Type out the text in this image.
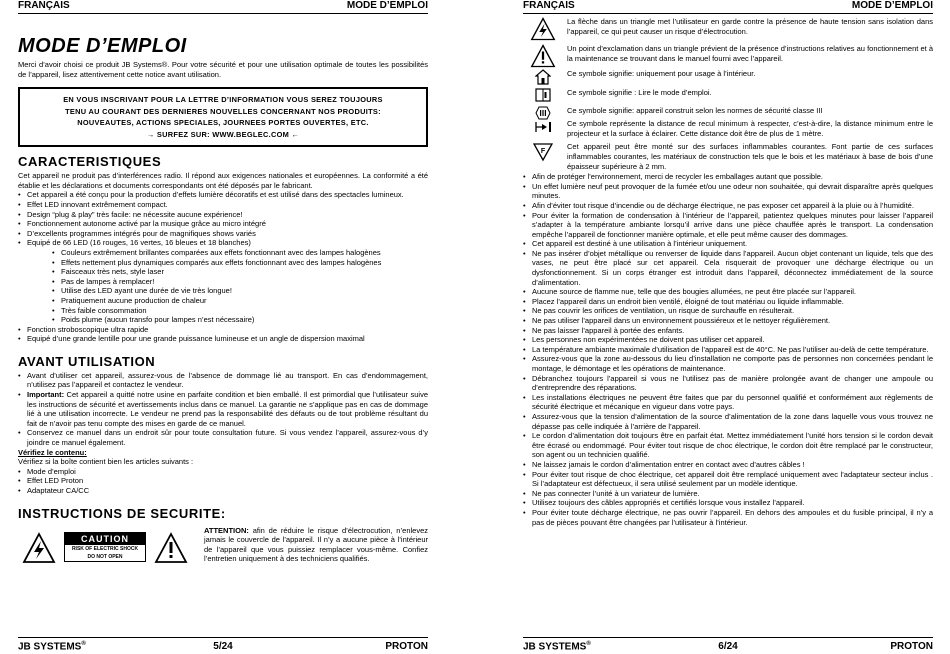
FRANÇAIS	MODE D’EMPLOI
MODE D’EMPLOI

Merci d’avoir choisi ce produit JB Systems®. Pour votre sécurité et pour une utilisation optimale de toutes les possibilités de l’appareil, lisez attentivement cette notice avant utilisation.

EN VOUS INSCRIVANT POUR LA LETTRE D’INFORMATION VOUS SEREZ TOUJOURS
TENU AU COURANT DES DERNIERES NOUVELLES CONCERNANT NOS PRODUITS:
NOUVEAUTES, ACTIONS SPECIALES, JOURNEES PORTES OUVERTES, ETC.
→ SURFEZ SUR: WWW.BEGLEC.COM ←
CARACTERISTIQUES

Cet appareil ne produit pas d’interférences radio. Il répond aux exigences nationales et européennes. La conformité a été établie et les déclarations et documents correspondants ont été déposés par le fabricant.

• Cet appareil a été conçu pour la production d’effets lumière décoratifs et est utilisé dans des spectacles lumineux.
• Effet LED innovant extrêmement compact.
• Design “plug & play” très facile: ne nécessite aucune expérience!
• Fonctionnement autonome activé par la musique grâce au micro intégré
• D’excellents programmes intégrés pour de magnifiques shows variés
• Equipé de 66 LED (16 rouges, 16 vertes, 16 bleues et 18 blanches)
• Couleurs extrêmement brillantes comparées aux effets fonctionnant avec des lampes halogènes
• Effets nettement plus dynamiques comparés aux effets fonctionnant avec des lampes halogènes
• Faisceaux très nets, style laser
• Pas de lampes à remplacer!
• Utilise des LED ayant une durée de vie très longue!
• Pratiquement aucune production de chaleur
• Très faible consommation
• Poids plume (aucun transfo pour lampes n’est nécessaire)
• Fonction stroboscopique ultra rapide
• Equipé d’une grande lentille pour une grande puissance lumineuse et un angle de dispersion maximal
AVANT UTILISATION
• Avant d’utiliser cet appareil, assurez-vous de l’absence de dommage lié au transport. En cas d’endommagement, n’utilisez pas l’appareil et contactez le vendeur.
• Important: Cet appareil a quitté notre usine en parfaite condition et bien emballé. Il est primordial que l’utilisateur suive les instructions de sécurité et avertissements inclus dans ce manuel. La garantie ne s’applique pas en cas de dommage lié à une utilisation incorrecte. Le vendeur ne prend pas la responsabilité des défauts ou de tout problème résultant du fait de n’avoir pas tenu compte des mises en garde de ce manuel.
• Conservez ce manuel dans un endroit sûr pour toute consultation future. Si vous vendez l’appareil, assurez-vous d’y joindre ce manuel également.
Vérifiez le contenu:
Vérifiez si la boîte contient bien les articles suivants :
• Mode d’emploi
• Effet LED Proton
• Adaptateur CA/CC
INSTRUCTIONS DE SECURITE:
CAUTION
RISK OF ELECTRIC SHOCK
DO NOT OPEN
ATTENTION: afin de réduire le risque d’électrocution, n’enlevez jamais le couvercle de l’appareil. Il n’y a aucune pièce à l’intérieur de l’appareil que vous puissiez remplacer vous-même. Confiez l’entretien uniquement à des techniciens qualifiés.
JB SYSTEMS®	5/24	PROTON
FRANÇAIS	MODE D’EMPLOI
La flèche dans un triangle met l’utilisateur en garde contre la présence de haute tension sans isolation dans l’appareil, ce qui peut causer un risque d’électrocution.
Un point d’exclamation dans un triangle prévient de la présence d’instructions relatives au fonctionnement et à la maintenance se trouvant dans le manuel fourni avec l’appareil.
Ce symbole signifie: uniquement pour usage à l’intérieur.
Ce symbole signifie : Lire le mode d’emploi.
Ce symbole signifie: appareil construit selon les normes de sécurité classe III
Ce symbole représente la distance de recul minimum à respecter, c’est-à-dire, la distance minimum entre le projecteur et la surface à éclairer. Cette distance doit être de plus de 1 mètre.
F
Cet appareil peut être monté sur des surfaces inflammables courantes. Font partie de ces surfaces inflammables courantes, les matériaux de construction tels que le bois et les matériaux à base de bois d’une épaisseur supérieure à 2 mm.
• Afin de protéger l’environnement, merci de recycler les emballages autant que possible.
• Un effet lumière neuf peut provoquer de la fumée et/ou une odeur non souhaitée, qui devrait disparaître après quelques minutes.
• Afin d’éviter tout risque d’incendie ou de décharge électrique, ne pas exposer cet appareil à la pluie ou à l’humidité.
• Pour éviter la formation de condensation à l’intérieur de l’appareil, patientez quelques minutes pour laisser l’appareil s’adapter à la température ambiante lorsqu’il arrive dans une pièce chauffée après le transport. La condensation empêche l’appareil de fonctionner manière optimale, et elle peut même causer des dommages.
• Cet appareil est destiné à une utilisation à l’intérieur uniquement.
• Ne pas insérer d’objet métallique ou renverser de liquide dans l’appareil. Aucun objet contenant un liquide, tels que des vases, ne peut être placé sur cet appareil. Cela risquerait de provoquer une décharge électrique ou un dysfonctionnement. Si un corps étranger est introduit dans l’appareil, déconnectez immédiatement de la source d’alimentation.
• Aucune source de flamme nue, telle que des bougies allumées, ne peut être placée sur l’appareil.
• Placez l’appareil dans un endroit bien ventilé, éloigné de tout matériau ou liquide inflammable.
• Ne pas couvrir les orifices de ventilation, un risque de surchauffe en résulterait.
• Ne pas utiliser l’appareil dans un environnement poussiéreux et le nettoyer régulièrement.
• Ne pas laisser l’appareil à portée des enfants.
• Les personnes non expérimentées ne doivent pas utiliser cet appareil.
• La température ambiante maximale d’utilisation de l’appareil est de 40°C. Ne pas l’utiliser au-delà de cette température.
• Assurez-vous que la zone au-dessous du lieu d’installation ne comporte pas de personnes non concernées pendant le montage, le démontage et les opérations de maintenance.
• Débranchez toujours l’appareil si vous ne l’utilisez pas de manière prolongée avant de changer une ampoule ou d’entreprendre des réparations.
• Les installations électriques ne peuvent être faites que par du personnel qualifié et conformément aux règlements de sécurité électrique et mécanique en vigueur dans votre pays.
• Assurez-vous que la tension d’alimentation de la source d’alimentation de la zone dans laquelle vous vous trouvez ne dépasse pas celle indiquée à l’arrière de l’appareil.
• Le cordon d’alimentation doit toujours être en parfait état. Mettez immédiatement l’unité hors tension si le cordon devait être écrasé ou endommagé. Pour éviter tout risque de choc électrique, le cordon doit être remplacé par le constructeur, son agent ou un technicien qualifié.
• Ne laissez jamais le cordon d’alimentation entrer en contact avec d’autres câbles !
• Pour éviter tout risque de choc électrique, cet appareil doit être remplacé uniquement avec l’adaptateur secteur inclus . Si l’adaptateur est défectueux, il sera utilisé seulement par un modèle identique.
• Ne pas connecter l’unité à un variateur de lumière.
• Utilisez toujours des câbles appropriés et certifiés lorsque vous installez l’appareil.
• Pour éviter toute décharge électrique, ne pas ouvrir l’appareil. En dehors des ampoules et du fusible principal, il n’y a pas de pièces pouvant être changées par l’utilisateur à l’intérieur.
JB SYSTEMS®	6/24	PROTON
